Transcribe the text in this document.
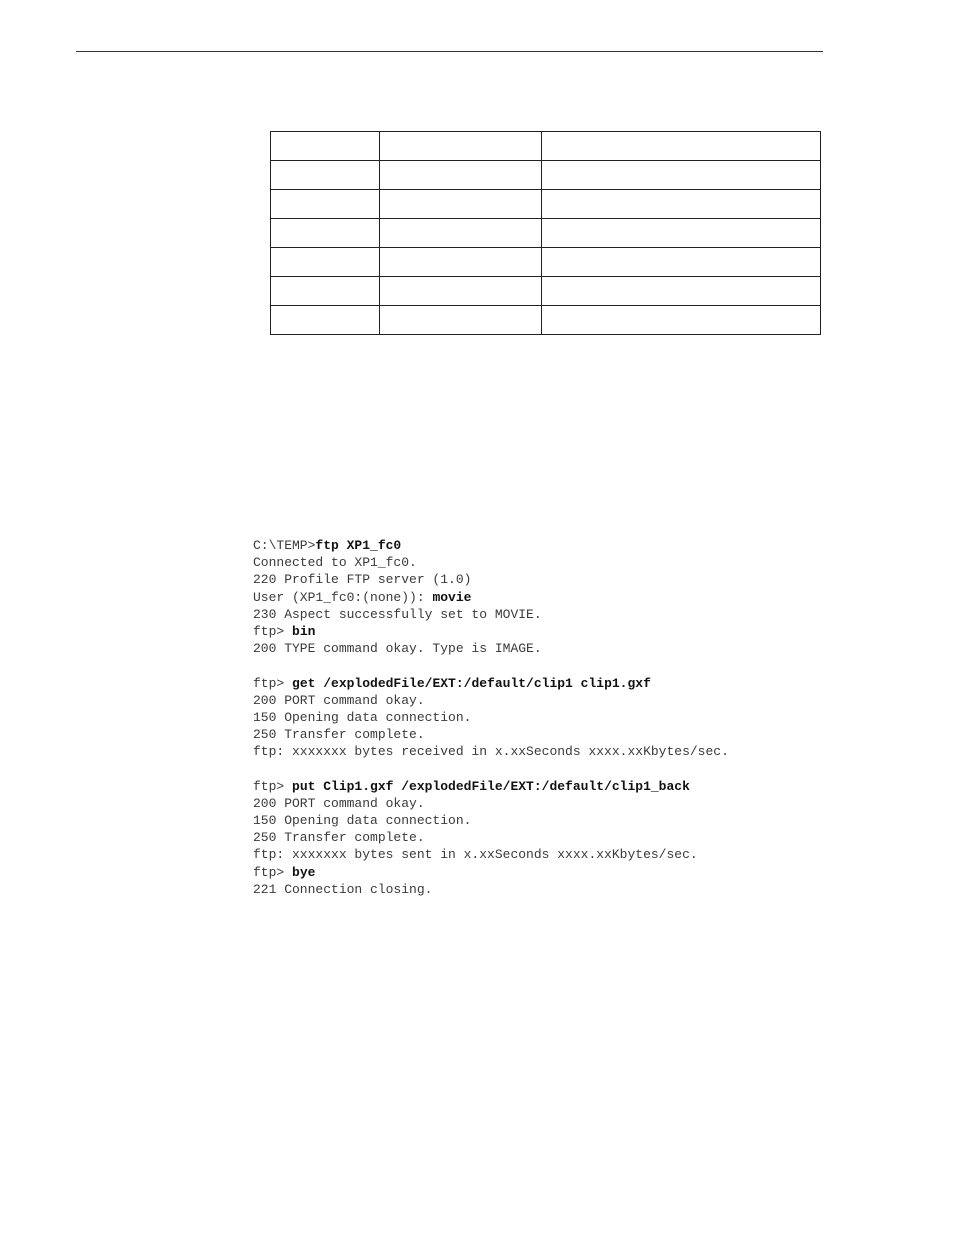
C:\TEMP>ftp XP1_fc0
Connected to XP1_fc0.
220 Profile FTP server (1.0)
User (XP1_fc0:(none)): movie
230 Aspect successfully set to MOVIE.
ftp> bin
200 TYPE command okay. Type is IMAGE.
ftp> get /explodedFile/EXT:/default/clip1 clip1.gxf
200 PORT command okay.
150 Opening data connection.
250 Transfer complete.
ftp: xxxxxxx bytes received in x.xxSeconds xxxx.xxKbytes/sec.
ftp> put Clip1.gxf /explodedFile/EXT:/default/clip1_back
200 PORT command okay.
150 Opening data connection.
250 Transfer complete.
ftp: xxxxxxx bytes sent in x.xxSeconds xxxx.xxKbytes/sec.
ftp> bye
221 Connection closing.
